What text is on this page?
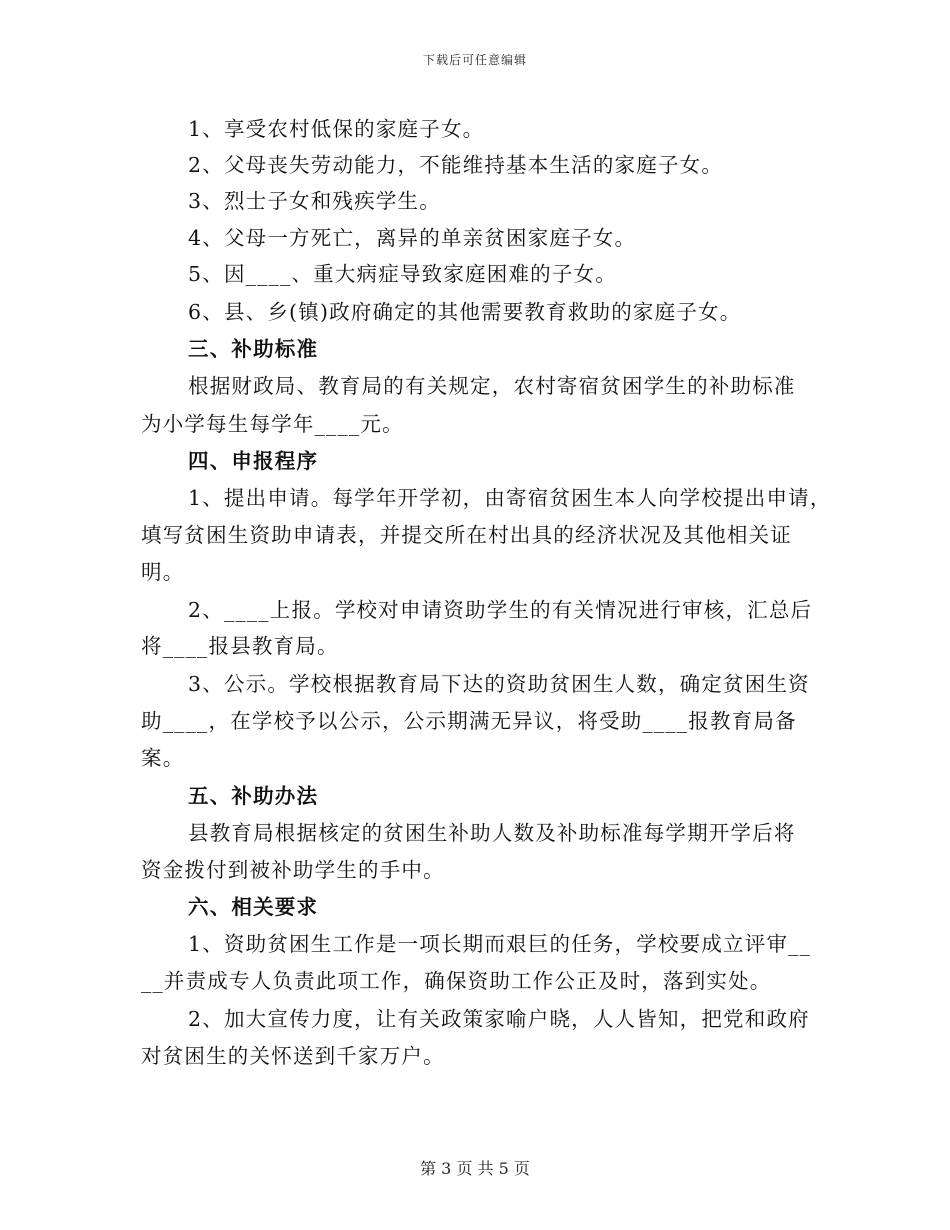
下载后可任意编辑
1、享受农村低保的家庭子女。
2、父母丧失劳动能力，不能维持基本生活的家庭子女。
3、烈士子女和残疾学生。
4、父母一方死亡，离异的单亲贫困家庭子女。
5、因____、重大病症导致家庭困难的子女。
6、县、乡(镇)政府确定的其他需要教育救助的家庭子女。
三、补助标准
根据财政局、教育局的有关规定，农村寄宿贫困学生的补助标准
为小学每生每学年____元。
四、申报程序
1、提出申请。每学年开学初，由寄宿贫困生本人向学校提出申请，
填写贫困生资助申请表，并提交所在村出具的经济状况及其他相关证
明。
2、____上报。学校对申请资助学生的有关情况进行审核，汇总后
将____报县教育局。
3、公示。学校根据教育局下达的资助贫困生人数，确定贫困生资
助____，在学校予以公示，公示期满无异议，将受助____报教育局备
案。
五、补助办法
县教育局根据核定的贫困生补助人数及补助标准每学期开学后将
资金拨付到被补助学生的手中。
六、相关要求
1、资助贫困生工作是一项长期而艰巨的任务，学校要成立评审__
__并责成专人负责此项工作，确保资助工作公正及时，落到实处。
2、加大宣传力度，让有关政策家喻户晓，人人皆知，把党和政府
对贫困生的关怀送到千家万户。
第 3 页 共 5 页
